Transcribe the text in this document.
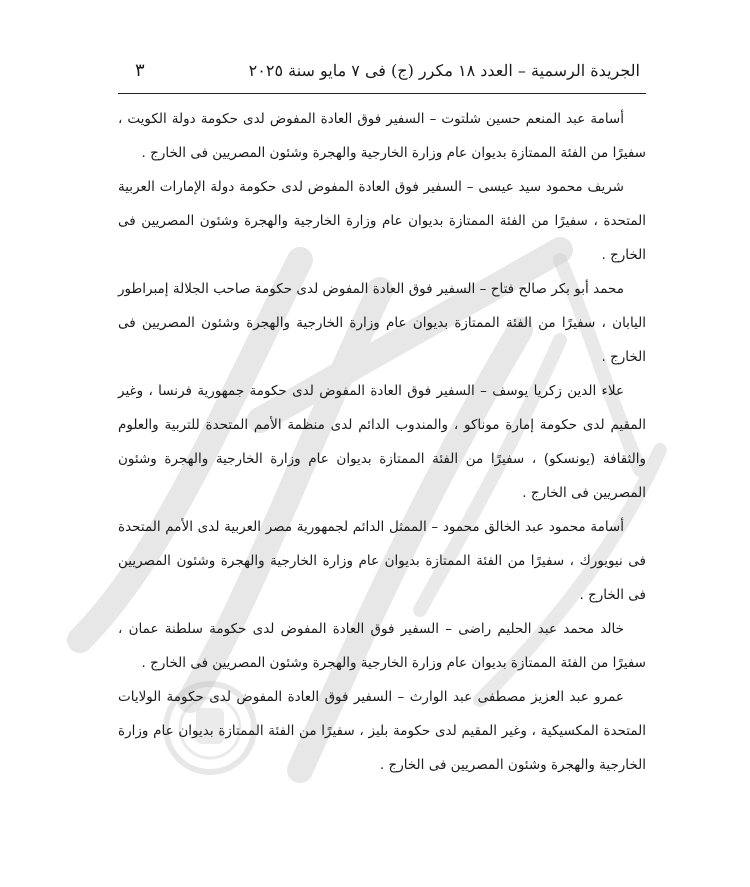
الجريدة الرسمية – العدد ١٨ مكرر (ج) فى ٧ مايو سنة ٢٠٢٥
٣

أسامة عبد المنعم حسين شلتوت – السفير فوق العادة المفوض لدى حكومة دولة الكويت ، سفيرًا من الفئة الممتازة بديوان عام وزارة الخارجية والهجرة وشئون المصريين فى الخارج .

شريف محمود سيد عيسى – السفير فوق العادة المفوض لدى حكومة دولة الإمارات العربية المتحدة ، سفيرًا من الفئة الممتازة بديوان عام وزارة الخارجية والهجرة وشئون المصريين فى الخارج .

محمد أبو بكر صالح فتاح – السفير فوق العادة المفوض لدى حكومة صاحب الجلالة إمبراطور اليابان ، سفيرًا من الفئة الممتازة بديوان عام وزارة الخارجية والهجرة وشئون المصريين فى الخارج .

علاء الدين زكريا يوسف – السفير فوق العادة المفوض لدى حكومة جمهورية فرنسا ، وغير المقيم لدى حكومة إمارة موناكو ، والمندوب الدائم لدى منظمة الأمم المتحدة للتربية والعلوم والثقافة (يونسكو) ، سفيرًا من الفئة الممتازة بديوان عام وزارة الخارجية والهجرة وشئون المصريين فى الخارج .

أسامة محمود عبد الخالق محمود – الممثل الدائم لجمهورية مصر العربية لدى الأمم المتحدة فى نيويورك ، سفيرًا من الفئة الممتازة بديوان عام وزارة الخارجية والهجرة وشئون المصريين فى الخارج .

خالد محمد عبد الحليم راضى – السفير فوق العادة المفوض لدى حكومة سلطنة عمان ، سفيرًا من الفئة الممتازة بديوان عام وزارة الخارجية والهجرة وشئون المصريين فى الخارج .

عمرو عبد العزيز مصطفى عبد الوارث – السفير فوق العادة المفوض لدى حكومة الولايات المتحدة المكسيكية ، وغير المقيم لدى حكومة بليز ، سفيرًا من الفئة الممتازة بديوان عام وزارة الخارجية والهجرة وشئون المصريين فى الخارج .
